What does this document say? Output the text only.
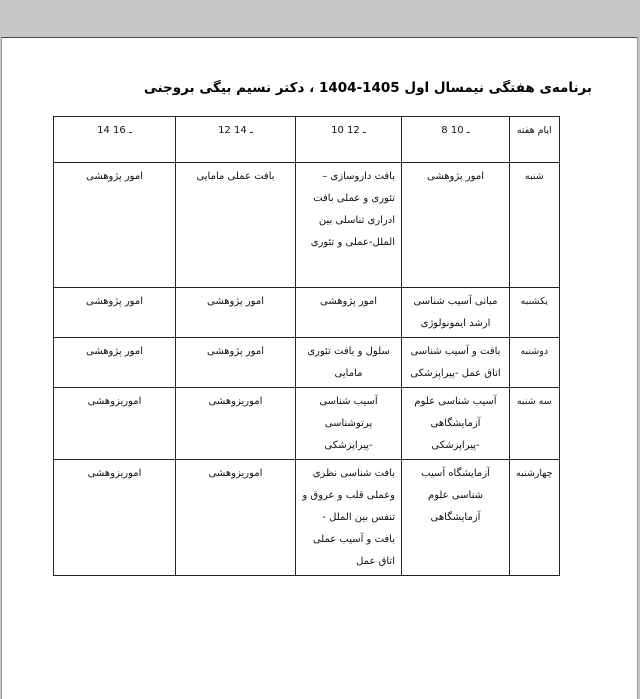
برنامه‌ی هفتگی نیمسال اول 1404-1405 ، دکتر نسیم بیگی بروجنی
ایام هفته	8 ـ 10	10 ـ 12	12 ـ 14	14 ـ 16
شنبه	امور پژوهشی	بافت داروسازی – تئوری و عملی بافت ادراری تناسلی بین الملل-عملی و تئوری	بافت عملی مامایی	امور پژوهشی
یکشنبه	مبانی آسیب شناسی ارشد ایمونولوژی	امور پژوهشی	امور پژوهشی	امور پژوهشی
دوشنبه	بافت و آسیب شناسی اتاق عمل -پیراپزشکی	سلول و بافت تئوری مامایی	امور پژوهشی	امور پژوهشی
سه شنبه	آسیب شناسی علوم آزمایشگاهی -پیراپزشکی	آسیب شناسی پرتوشناسی -پیراپزشکی	اموریزوهشی	اموریزوهشی
چهارشنبه	آزمایشگاه آسیب شناسی علوم آزمایشگاهی	بافت شناسی نظری وعملی قلب و عروق و تنفس بین الملل - بافت و آسیب عملی اتاق عمل	اموریزوهشی	اموریزوهشی
